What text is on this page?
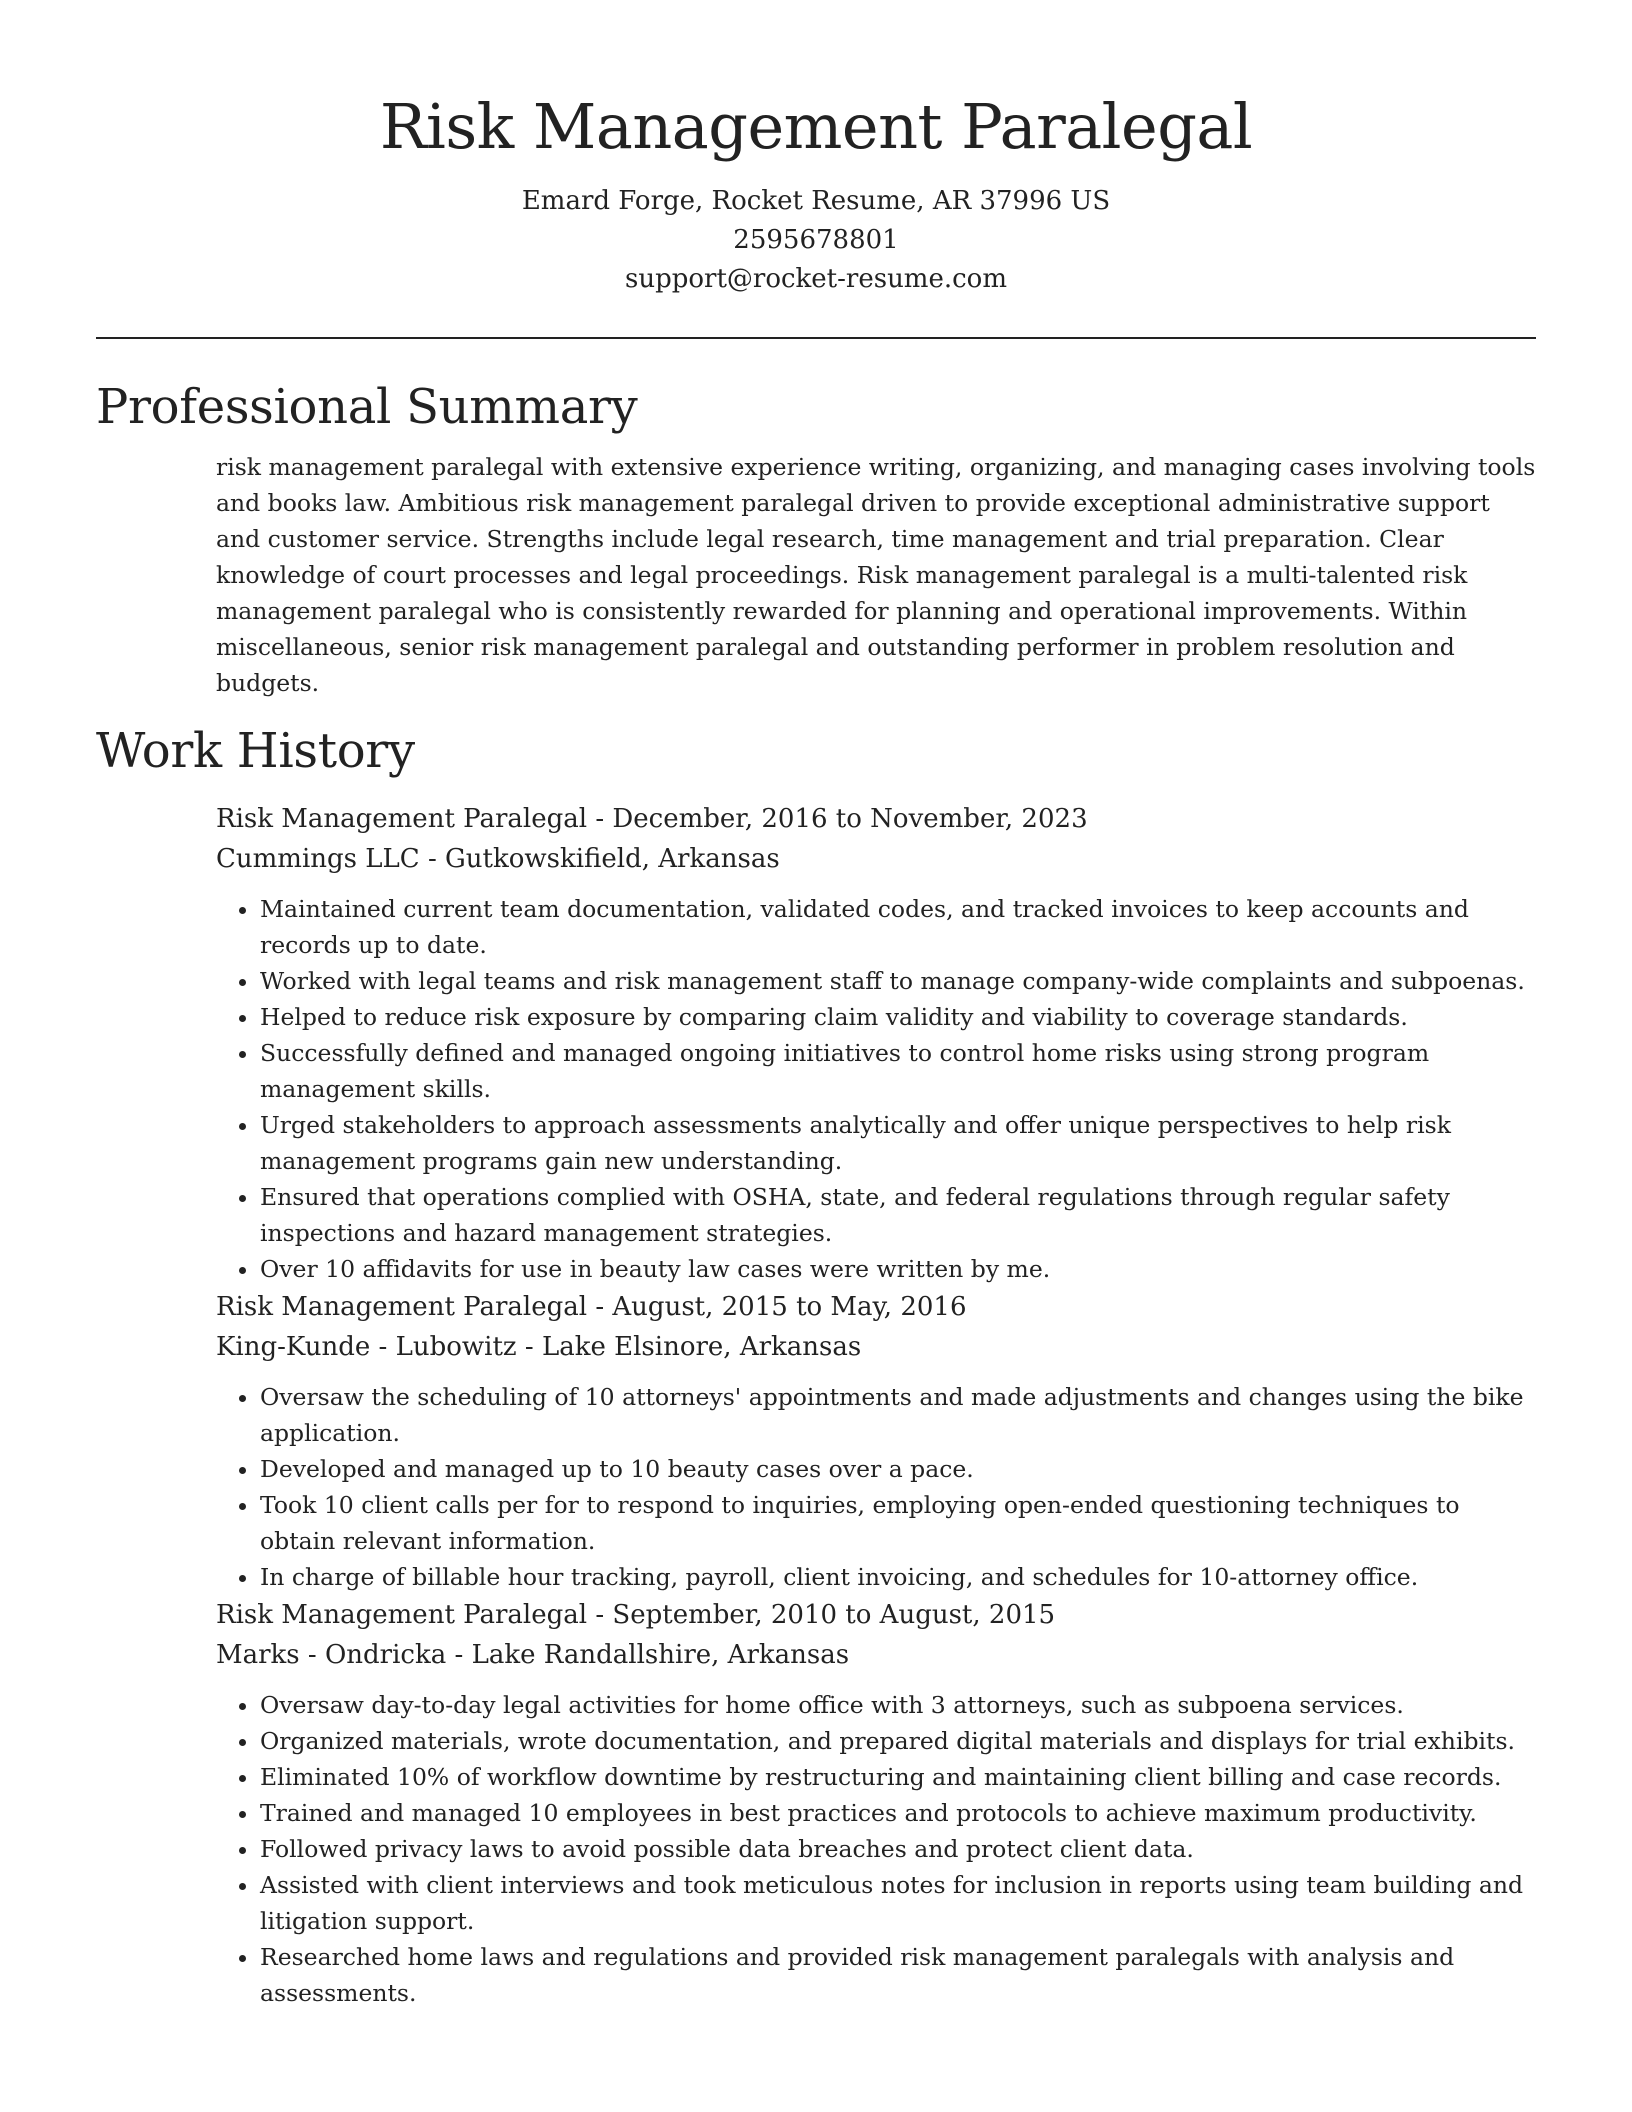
Risk Management Paralegal
Emard Forge, Rocket Resume, AR 37996 US
2595678801
support@rocket-resume.com
Professional Summary

risk management paralegal with extensive experience writing, organizing, and managing cases involving tools and books law. Ambitious risk management paralegal driven to provide exceptional administrative support and customer service. Strengths include legal research, time management and trial preparation. Clear knowledge of court processes and legal proceedings. Risk management paralegal is a multi-talented risk management paralegal who is consistently rewarded for planning and operational improvements. Within miscellaneous, senior risk management paralegal and outstanding performer in problem resolution and budgets.

Work History
Risk Management Paralegal - December, 2016 to November, 2023
Cummings LLC - Gutkowskifield, Arkansas
• Maintained current team documentation, validated codes, and tracked invoices to keep accounts and records up to date.
• Worked with legal teams and risk management staff to manage company-wide complaints and subpoenas.
• Helped to reduce risk exposure by comparing claim validity and viability to coverage standards.
• Successfully defined and managed ongoing initiatives to control home risks using strong program management skills.
• Urged stakeholders to approach assessments analytically and offer unique perspectives to help risk management programs gain new understanding.
• Ensured that operations complied with OSHA, state, and federal regulations through regular safety inspections and hazard management strategies.
• Over 10 affidavits for use in beauty law cases were written by me.
Risk Management Paralegal - August, 2015 to May, 2016
King-Kunde - Lubowitz - Lake Elsinore, Arkansas
• Oversaw the scheduling of 10 attorneys' appointments and made adjustments and changes using the bike application.
• Developed and managed up to 10 beauty cases over a pace.
• Took 10 client calls per for to respond to inquiries, employing open-ended questioning techniques to obtain relevant information.
• In charge of billable hour tracking, payroll, client invoicing, and schedules for 10-attorney office.
Risk Management Paralegal - September, 2010 to August, 2015
Marks - Ondricka - Lake Randallshire, Arkansas
• Oversaw day-to-day legal activities for home office with 3 attorneys, such as subpoena services.
• Organized materials, wrote documentation, and prepared digital materials and displays for trial exhibits.
• Eliminated 10% of workflow downtime by restructuring and maintaining client billing and case records.
• Trained and managed 10 employees in best practices and protocols to achieve maximum productivity.
• Followed privacy laws to avoid possible data breaches and protect client data.
• Assisted with client interviews and took meticulous notes for inclusion in reports using team building and litigation support.
• Researched home laws and regulations and provided risk management paralegals with analysis and assessments.
